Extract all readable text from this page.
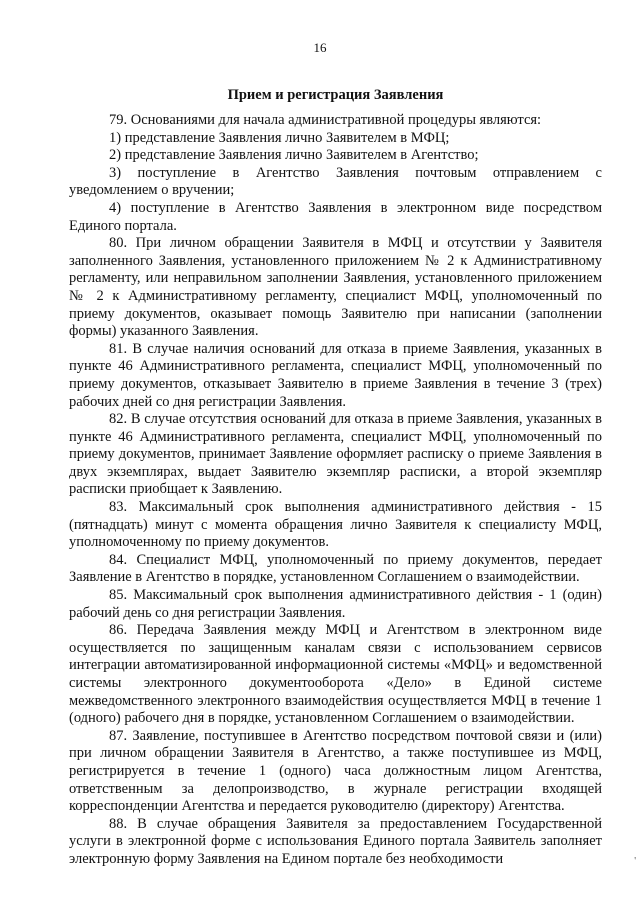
16
Прием и регистрация Заявления

79. Основаниями для начала административной процедуры являются:

1) представление Заявления лично Заявителем в МФЦ;

2) представление Заявления лично Заявителем в Агентство;

3) поступление в Агентство Заявления почтовым отправлением с уведомлением о вручении;

4) поступление в Агентство Заявления в электронном виде посредством Единого портала.

80. При личном обращении Заявителя в МФЦ и отсутствии у Заявителя заполненного Заявления, установленного приложением № 2 к Административному регламенту, или неправильном заполнении Заявления, установленного приложением № 2 к Административному регламенту, специалист МФЦ, уполномоченный по приему документов, оказывает помощь Заявителю при написании (заполнении формы) указанного Заявления.

81. В случае наличия оснований для отказа в приеме Заявления, указанных в пункте 46 Административного регламента, специалист МФЦ, уполномоченный по приему документов, отказывает Заявителю в приеме Заявления в течение 3 (трех) рабочих дней со дня регистрации Заявления.

82. В случае отсутствия оснований для отказа в приеме Заявления, указанных в пункте 46 Административного регламента, специалист МФЦ, уполномоченный по приему документов, принимает Заявление оформляет расписку о приеме Заявления в двух экземплярах, выдает Заявителю экземпляр расписки, а второй экземпляр расписки приобщает к Заявлению.

83. Максимальный срок выполнения административного действия - 15 (пятнадцать) минут с момента обращения лично Заявителя к специалисту МФЦ, уполномоченному по приему документов.

84. Специалист МФЦ, уполномоченный по приему документов, передает Заявление в Агентство в порядке, установленном Соглашением о взаимодействии.

85. Максимальный срок выполнения административного действия - 1 (один) рабочий день со дня регистрации Заявления.

86. Передача Заявления между МФЦ и Агентством в электронном виде осуществляется по защищенным каналам связи с использованием сервисов интеграции автоматизированной информационной системы «МФЦ» и ведомственной системы электронного документооборота «Дело» в Единой системе межведомственного электронного взаимодействия осуществляется МФЦ в течение 1 (одного) рабочего дня в порядке, установленном Соглашением о взаимодействии.

87. Заявление, поступившее в Агентство посредством почтовой связи и (или) при личном обращении Заявителя в Агентство, а также поступившее из МФЦ, регистрируется в течение 1 (одного) часа должностным лицом Агентства, ответственным за делопроизводство, в журнале регистрации входящей корреспонденции Агентства и передается руководителю (директору) Агентства.

88. В случае обращения Заявителя за предоставлением Государственной услуги в электронной форме с использования Единого портала Заявитель заполняет электронную форму Заявления на Едином портале без необходимости	'
